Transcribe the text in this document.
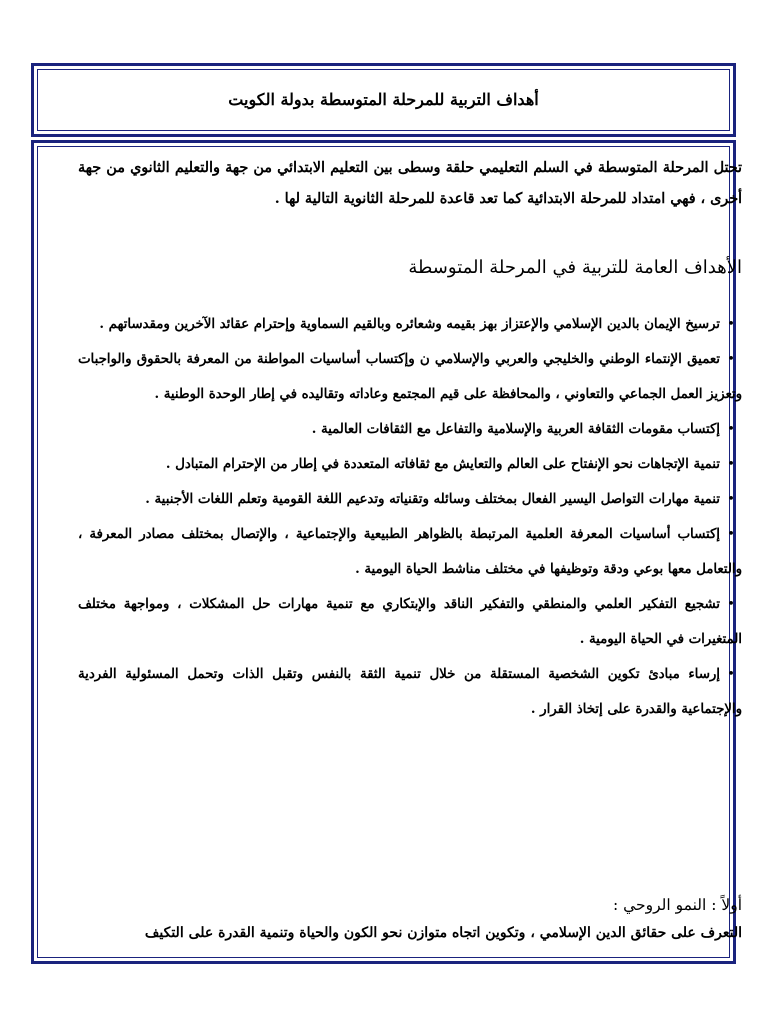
أهداف التربية للمرحلة المتوسطة بدولة الكويت

تحتل المرحلة المتوسطة في السلم التعليمي حلقة وسطى بين التعليم الابتدائي من جهة والتعليم الثانوي من جهة أخرى ، فهي امتداد للمرحلة الابتدائية كما تعد قاعدة للمرحلة الثانوية التالية لها .

الأهداف العامة للتربية في المرحلة المتوسطة

•ترسيخ الإيمان بالدين الإسلامي والإعتزاز بهز بقيمه وشعائره وبالقيم السماوية وإحترام عقائد الآخرين ومقدساتهم .

•تعميق الإنتماء الوطني والخليجي والعربي والإسلامي ن وإكتساب أساسيات المواطنة من المعرفة بالحقوق والواجبات وتعزيز العمل الجماعي والتعاوني ، والمحافظة على قيم المجتمع وعاداته وتقاليده في إطار الوحدة الوطنية .

•إكتساب مقومات الثقافة العربية والإسلامية والتفاعل مع الثقافات العالمية .

•تنمية الإتجاهات نحو الإنفتاح على العالم والتعايش مع ثقافاته المتعددة في إطار من الإحترام المتبادل .

•تنمية مهارات التواصل اليسير الفعال بمختلف وسائله وتقنياته وتدعيم اللغة القومية وتعلم اللغات الأجنبية .

•إكتساب أساسيات المعرفة العلمية المرتبطة بالظواهر الطبيعية والإجتماعية ، والإتصال بمختلف مصادر المعرفة ، والتعامل معها بوعي ودقة وتوظيفها في مختلف مناشط الحياة اليومية .

•تشجيع التفكير العلمي والمنطقي والتفكير الناقد والإبتكاري مع تنمية مهارات حل المشكلات ، ومواجهة مختلف المتغيرات في الحياة اليومية .

•إرساء مبادئ تكوين الشخصية المستقلة من خلال تنمية الثقة بالنفس وتقبل الذات وتحمل المسئولية الفردية والإجتماعية والقدرة على إتخاذ القرار .

أولاً : النمو الروحي :
التعرف على حقائق الدين الإسلامي ، وتكوين اتجاه متوازن نحو الكون والحياة وتنمية القدرة على التكيف
